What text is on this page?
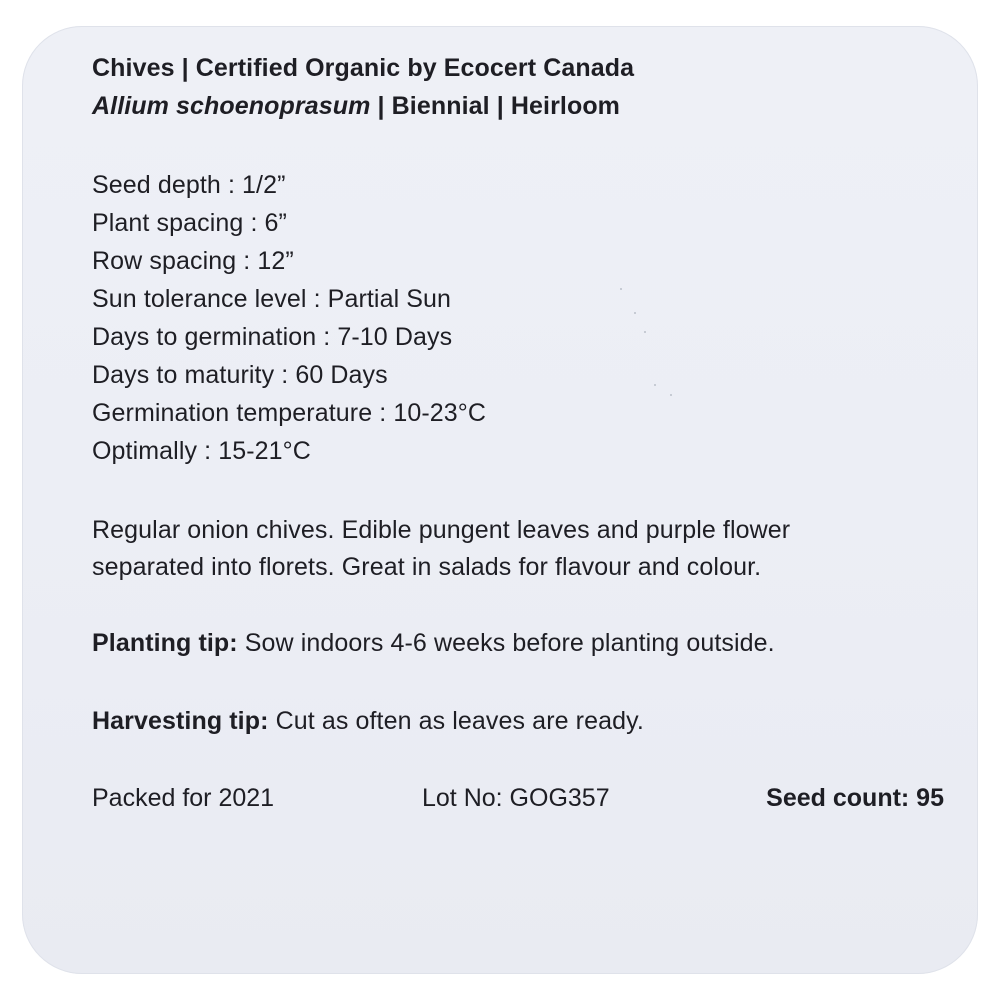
Chives | Certified Organic by Ecocert Canada
Allium schoenoprasum | Biennial | Heirloom
Seed depth : 1/2”
Plant spacing : 6”
Row spacing : 12”
Sun tolerance level : Partial Sun
Days to germination : 7-10 Days
Days to maturity : 60 Days
Germination temperature : 10-23°C
Optimally : 15-21°C
Regular onion chives. Edible pungent leaves and purple flower
separated into florets. Great in salads for flavour and colour.
Planting tip: Sow indoors 4-6 weeks before planting outside.
Harvesting tip: Cut as often as leaves are ready.
Packed for 2021	Lot No: GOG357	Seed count: 95
